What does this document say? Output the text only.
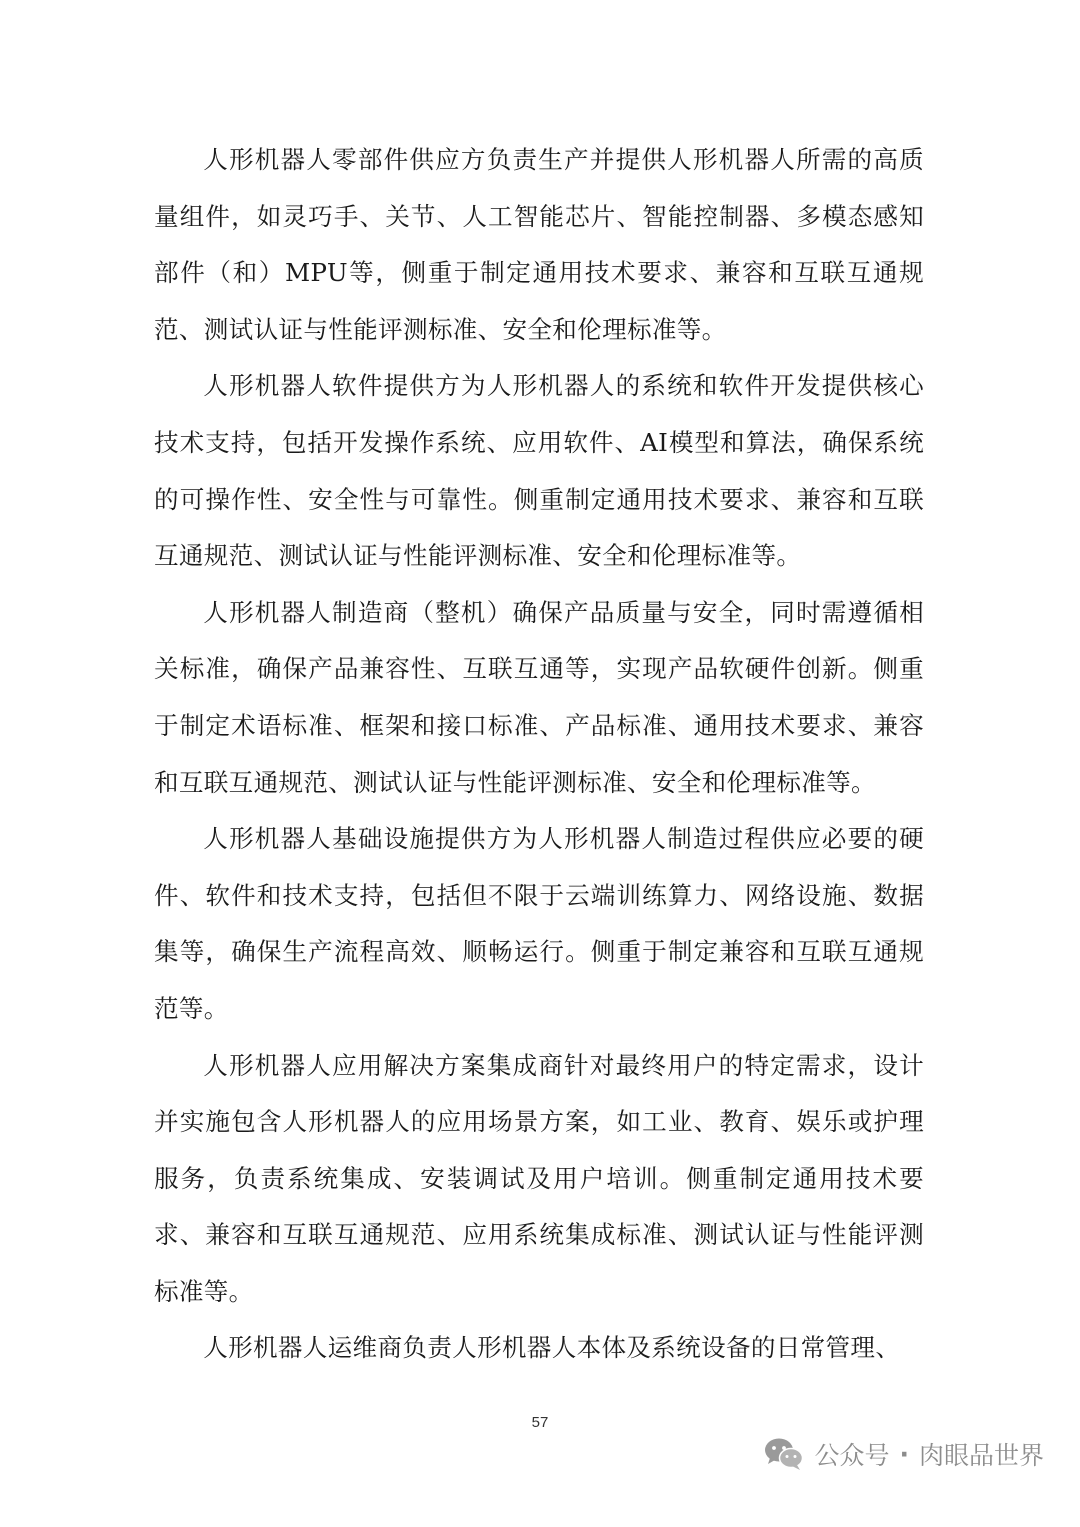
人形机器人零部件供应方负责生产并提供人形机器人所需的高质量组件，如灵巧手、关节、人工智能芯片、智能控制器、多模态感知部件（和）MPU等，侧重于制定通用技术要求、兼容和互联互通规范、测试认证与性能评测标准、安全和伦理标准等。

人形机器人软件提供方为人形机器人的系统和软件开发提供核心技术支持，包括开发操作系统、应用软件、AI模型和算法，确保系统的可操作性、安全性与可靠性。侧重制定通用技术要求、兼容和互联互通规范、测试认证与性能评测标准、安全和伦理标准等。

人形机器人制造商（整机）确保产品质量与安全，同时需遵循相关标准，确保产品兼容性、互联互通等，实现产品软硬件创新。侧重于制定术语标准、框架和接口标准、产品标准、通用技术要求、兼容和互联互通规范、测试认证与性能评测标准、安全和伦理标准等。

人形机器人基础设施提供方为人形机器人制造过程供应必要的硬件、软件和技术支持，包括但不限于云端训练算力、网络设施、数据集等，确保生产流程高效、顺畅运行。侧重于制定兼容和互联互通规范等。

人形机器人应用解决方案集成商针对最终用户的特定需求，设计并实施包含人形机器人的应用场景方案，如工业、教育、娱乐或护理服务，负责系统集成、安装调试及用户培训。侧重制定通用技术要求、兼容和互联互通规范、应用系统集成标准、测试认证与性能评测标准等。

人形机器人运维商负责人形机器人本体及系统设备的日常管理、

57
公众号 · 肉眼品世界
